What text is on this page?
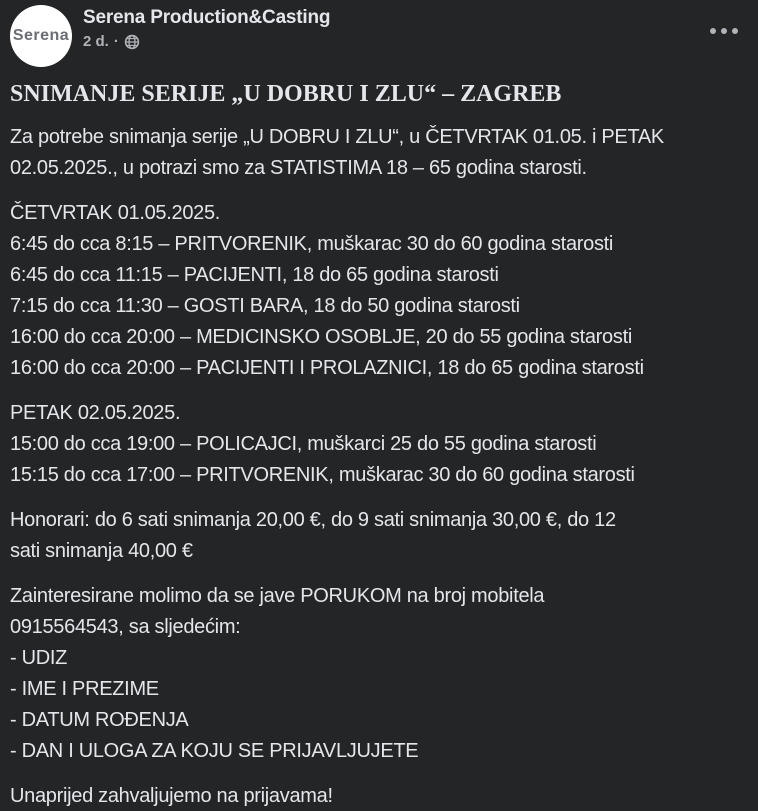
Serena
Serena Production&Casting
2 d. ·
SNIMANJE SERIJE „U DOBRU I ZLU“ – ZAGREB
Za potrebe snimanja serije „U DOBRU I ZLU“, u ČETVRTAK 01.05. i PETAK
02.05.2025., u potrazi smo za STATISTIMA 18 – 65 godina starosti.
ČETVRTAK 01.05.2025.
6:45 do cca 8:15 – PRITVORENIK, muškarac 30 do 60 godina starosti
6:45 do cca 11:15 – PACIJENTI, 18 do 65 godina starosti
7:15 do cca 11:30 – GOSTI BARA, 18 do 50 godina starosti
16:00 do cca 20:00 – MEDICINSKO OSOBLJE, 20 do 55 godina starosti
16:00 do cca 20:00 – PACIJENTI I PROLAZNICI, 18 do 65 godina starosti
PETAK 02.05.2025.
15:00 do cca 19:00 – POLICAJCI, muškarci 25 do 55 godina starosti
15:15 do cca 17:00 – PRITVORENIK, muškarac 30 do 60 godina starosti
Honorari: do 6 sati snimanja 20,00 €, do 9 sati snimanja 30,00 €, do 12
sati snimanja 40,00 €
Zainteresirane molimo da se jave PORUKOM na broj mobitela
0915564543, sa sljedećim:
- UDIZ
- IME I PREZIME
- DATUM ROĐENJA
- DAN I ULOGA ZA KOJU SE PRIJAVLJUJETE
Unaprijed zahvaljujemo na prijavama!
